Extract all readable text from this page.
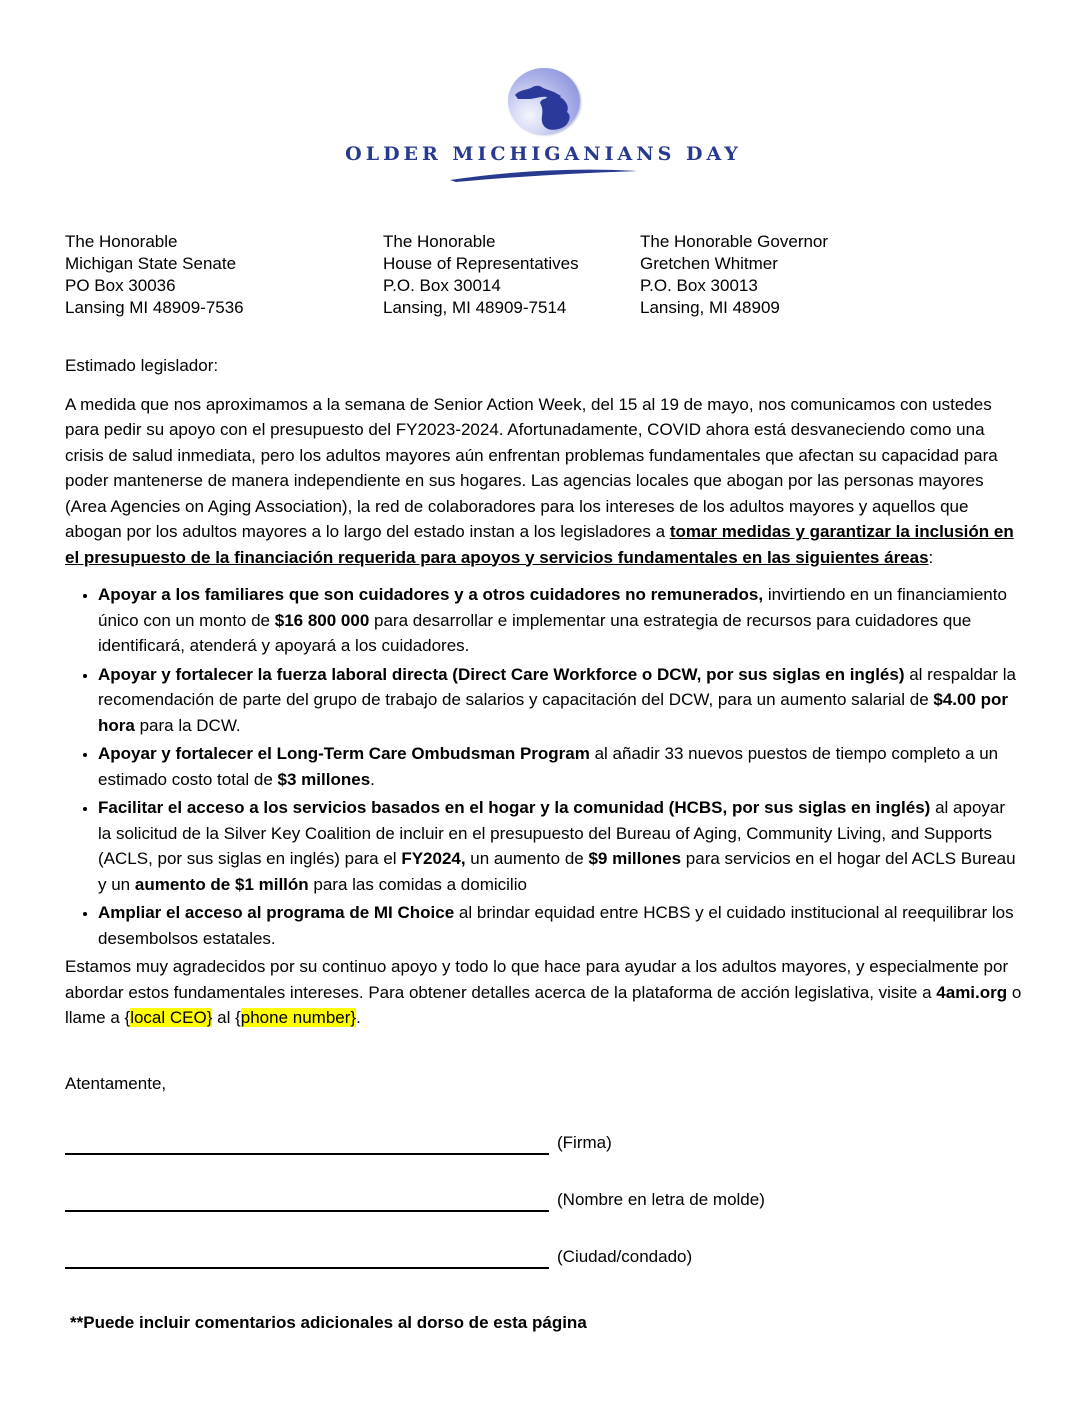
OLDER MICHIGANIANS DAY
The Honorable
Michigan State Senate
PO Box 30036
Lansing MI 48909-7536
The Honorable
House of Representatives
P.O. Box 30014
Lansing, MI 48909-7514
The Honorable Governor
Gretchen Whitmer
P.O. Box 30013
Lansing, MI 48909

Estimado legislador:

A medida que nos aproximamos a la semana de Senior Action Week, del 15 al 19 de mayo, nos comunicamos con ustedes para pedir su apoyo con el presupuesto del FY2023-2024. Afortunadamente, COVID ahora está desvaneciendo como una crisis de salud inmediata, pero los adultos mayores aún enfrentan problemas fundamentales que afectan su capacidad para poder mantenerse de manera independiente en sus hogares. Las agencias locales que abogan por las personas mayores (Area Agencies on Aging Association), la red de colaboradores para los intereses de los adultos mayores y aquellos que abogan por los adultos mayores a lo largo del estado instan a los legisladores a tomar medidas y garantizar la inclusión en el presupuesto de la financiación requerida para apoyos y servicios fundamentales en las siguientes áreas:

• Apoyar a los familiares que son cuidadores y a otros cuidadores no remunerados, invirtiendo en un financiamiento único con un monto de $16 800 000 para desarrollar e implementar una estrategia de recursos para cuidadores que identificará, atenderá y apoyará a los cuidadores.
• Apoyar y fortalecer la fuerza laboral directa (Direct Care Workforce o DCW, por sus siglas en inglés) al respaldar la recomendación de parte del grupo de trabajo de salarios y capacitación del DCW, para un aumento salarial de $4.00 por hora para la DCW.
• Apoyar y fortalecer el Long-Term Care Ombudsman Program al añadir 33 nuevos puestos de tiempo completo a un estimado costo total de $3 millones.
• Facilitar el acceso a los servicios basados en el hogar y la comunidad (HCBS, por sus siglas en inglés) al apoyar la solicitud de la Silver Key Coalition de incluir en el presupuesto del Bureau of Aging, Community Living, and Supports (ACLS, por sus siglas en inglés) para el FY2024, un aumento de $9 millones para servicios en el hogar del ACLS Bureau y un aumento de $1 millón para las comidas a domicilio
• Ampliar el acceso al programa de MI Choice al brindar equidad entre HCBS y el cuidado institucional al reequilibrar los desembolsos estatales.

Estamos muy agradecidos por su continuo apoyo y todo lo que hace para ayudar a los adultos mayores, y especialmente por abordar estos fundamentales intereses. Para obtener detalles acerca de la plataforma de acción legislativa, visite a 4ami.org o llame a {local CEO} al {phone number}.

Atentamente,

(Firma)
(Nombre en letra de molde)
(Ciudad/condado)

**Puede incluir comentarios adicionales al dorso de esta página
